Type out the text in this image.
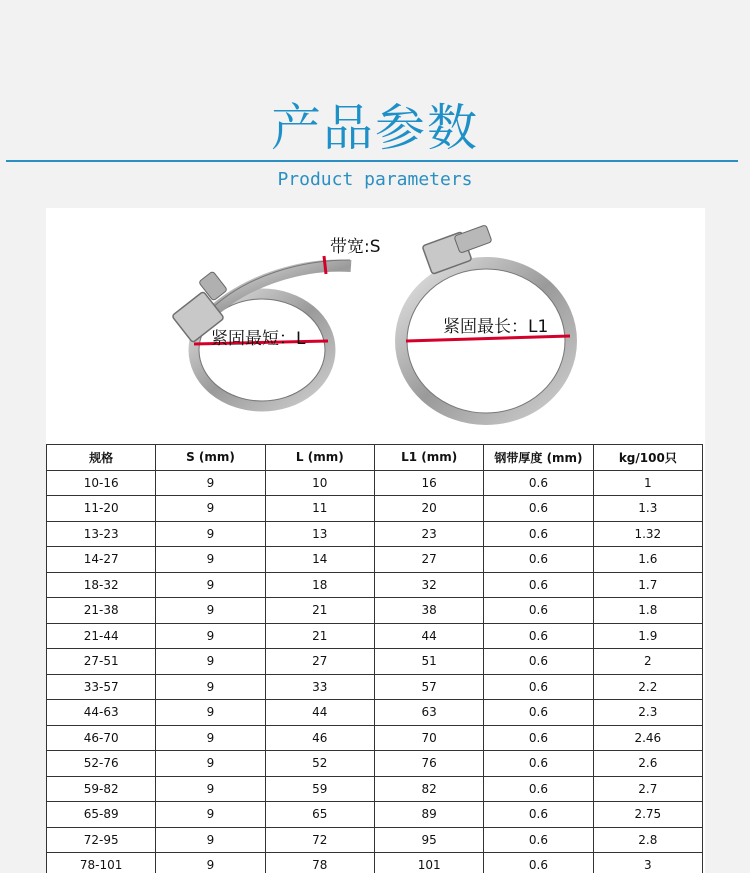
产品参数
Product parameters
带宽:S
紧固最短：L
紧固最长：L1
规格	S (mm)	L (mm)	L1 (mm)	钢带厚度 (mm)	kg/100只
10-16	9	10	16	0.6	1
11-20	9	11	20	0.6	1.3
13-23	9	13	23	0.6	1.32
14-27	9	14	27	0.6	1.6
18-32	9	18	32	0.6	1.7
21-38	9	21	38	0.6	1.8
21-44	9	21	44	0.6	1.9
27-51	9	27	51	0.6	2
33-57	9	33	57	0.6	2.2
44-63	9	44	63	0.6	2.3
46-70	9	46	70	0.6	2.46
52-76	9	52	76	0.6	2.6
59-82	9	59	82	0.6	2.7
65-89	9	65	89	0.6	2.75
72-95	9	72	95	0.6	2.8
78-101	9	78	101	0.6	3
